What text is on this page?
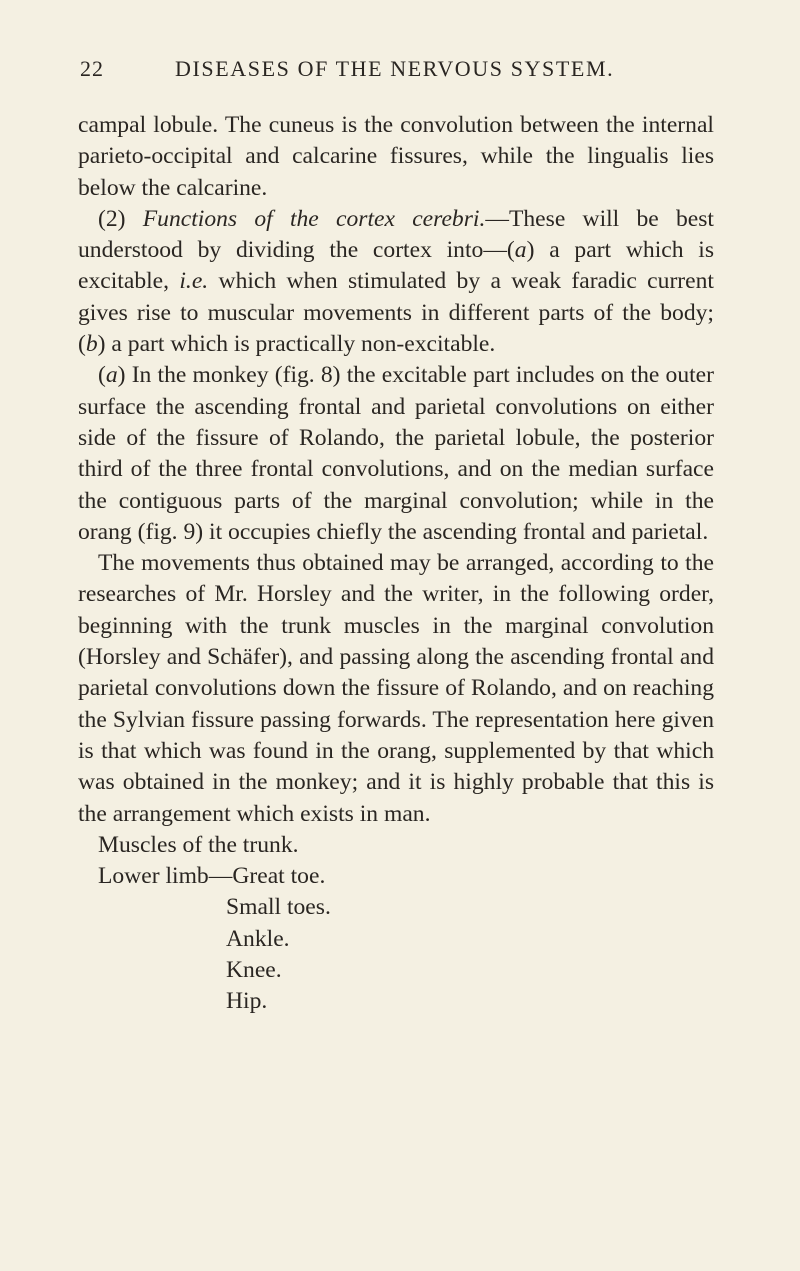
22	DISEASES OF THE NERVOUS SYSTEM.

campal lobule. The cuneus is the convolution between the internal parieto-occipital and calcarine fissures, while the lingualis lies below the calcarine.

(2) Functions of the cortex cerebri.—These will be best understood by dividing the cortex into—(a) a part which is excitable, i.e. which when stimulated by a weak faradic current gives rise to muscular movements in different parts of the body; (b) a part which is practically non-excitable.

(a) In the monkey (fig. 8) the excitable part includes on the outer surface the ascending frontal and parietal convolutions on either side of the fissure of Rolando, the parietal lobule, the posterior third of the three frontal convolutions, and on the median surface the contiguous parts of the marginal convolution; while in the orang (fig. 9) it occupies chiefly the ascending frontal and parietal.

The movements thus obtained may be arranged, according to the researches of Mr. Horsley and the writer, in the following order, beginning with the trunk muscles in the marginal convolution (Horsley and Schäfer), and passing along the ascending frontal and parietal convolutions down the fissure of Rolando, and on reaching the Sylvian fissure passing forwards. The representation here given is that which was found in the orang, supplemented by that which was obtained in the monkey; and it is highly probable that this is the arrangement which exists in man.

Muscles of the trunk.
Lower limb—Great toe.
Small toes.
Ankle.
Knee.
Hip.
